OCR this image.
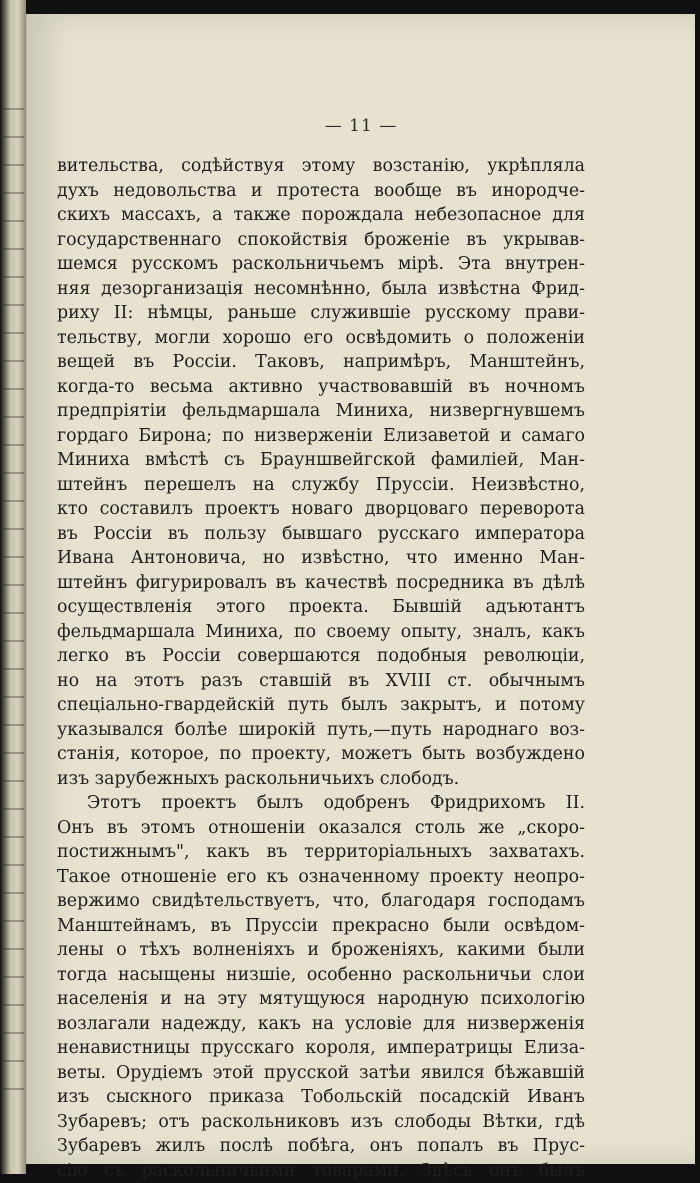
— 11 —
вительства, содѣйствуя этому возстанію, укрѣпляла
духъ недовольства и протеста вообще въ инородче-
скихъ массахъ, а также порождала небезопасное для
государственнаго спокойствія броженіе въ укрывав-
шемся русскомъ раскольничьемъ мірѣ. Эта внутрен-
няя дезорганизація несомнѣнно, была извѣстна Фрид-
риху II: нѣмцы, раньше служившіе русскому прави-
тельству, могли хорошо его освѣдомить о положеніи
вещей въ Россіи. Таковъ, напримѣръ, Манштейнъ,
когда-то весьма активно участвовавшій въ ночномъ
предпріятіи фельдмаршала Миниха, низвергнувшемъ
гордаго Бирона; по низверженіи Елизаветой и самаго
Миниха вмѣстѣ съ Брауншвейгской фамиліей, Ман-
штейнъ перешелъ на службу Пруссіи. Неизвѣстно,
кто составилъ проектъ новаго дворцоваго переворота
въ Россіи въ пользу бывшаго русскаго императора
Ивана Антоновича, но извѣстно, что именно Ман-
штейнъ фигурировалъ въ качествѣ посредника въ дѣлѣ
осуществленія этого проекта. Бывшій адъютантъ
фельдмаршала Миниха, по своему опыту, зналъ, какъ
легко въ Россіи совершаются подобныя революціи,
но на этотъ разъ ставшій въ XVIII ст. обычнымъ
спеціально-гвардейскій путь былъ закрытъ, и потому
указывался болѣе широкій путь,—путь народнаго воз-
станія, которое, по проекту, можетъ быть возбуждено
изъ зарубежныхъ раскольничьихъ слободъ.
Этотъ проектъ былъ одобренъ Фридрихомъ II.
Онъ въ этомъ отношеніи оказался столь же „скоро-
постижнымъ", какъ въ территоріальныхъ захватахъ.
Такое отношеніе его къ означенному проекту неопро-
вержимо свидѣтельствуетъ, что, благодаря господамъ
Манштейнамъ, въ Пруссіи прекрасно были освѣдом-
лены о тѣхъ волненіяхъ и броженіяхъ, какими были
тогда насыщены низшіе, особенно раскольничьи слои
населенія и на эту мятущуюся народную психологію
возлагали надежду, какъ на условіе для низверженія
ненавистницы прусскаго короля, императрицы Елиза-
веты. Орудіемъ этой прусской затѣи явился бѣжавшій
изъ сыскного приказа Тобольскій посадскій Иванъ
Зубаревъ; отъ раскольниковъ изъ слободы Вѣтки, гдѣ
Зубаревъ жилъ послѣ побѣга, онъ попалъ въ Прус-
сію съ раскольничьими товарами. Здѣсь онъ былъ
